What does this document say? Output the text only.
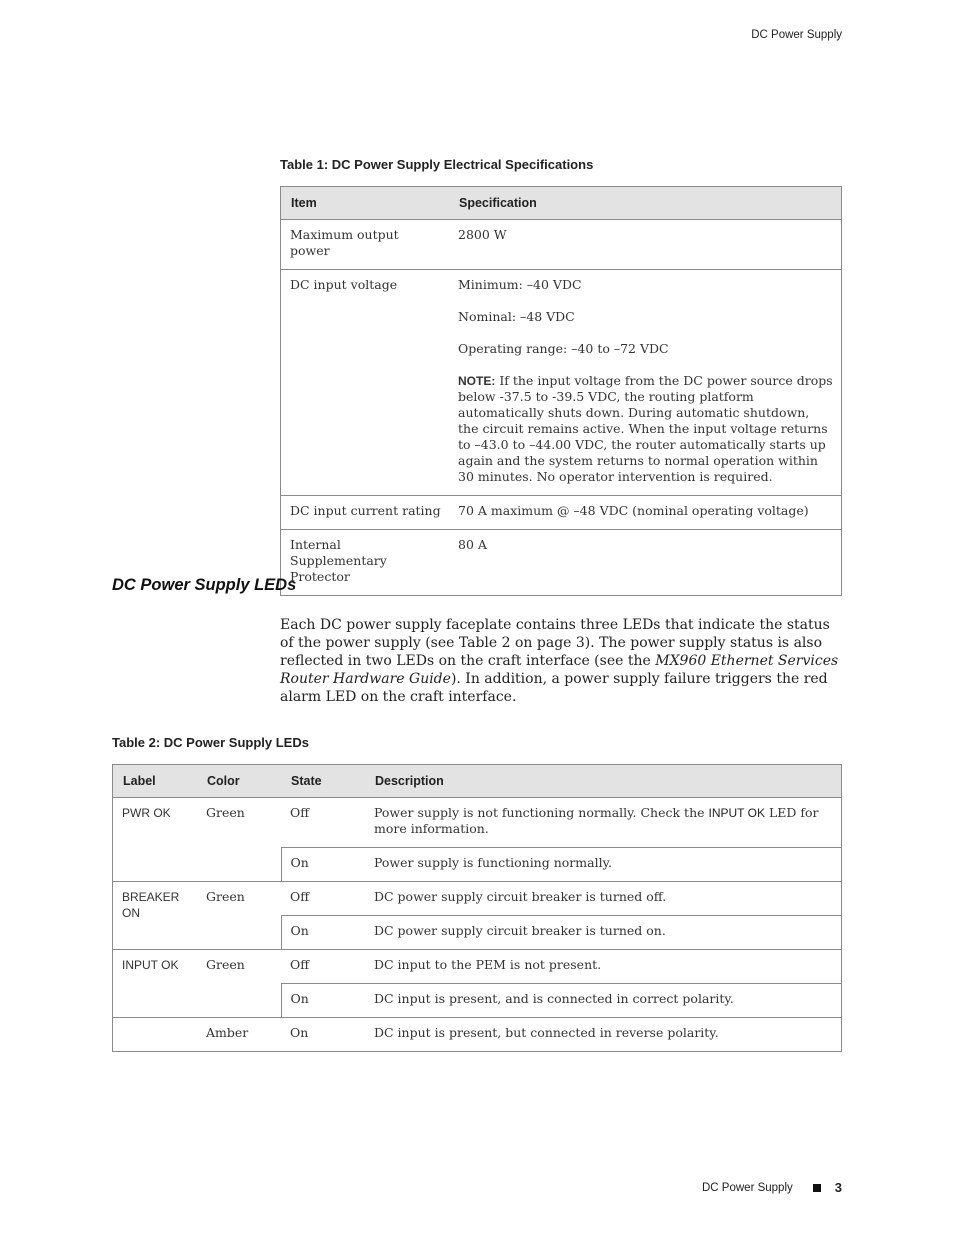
DC Power Supply
Table 1: DC Power Supply Electrical Specifications
Item	Specification
Maximum output power	2800 W
DC input voltage	Minimum: –40 VDC

Nominal: –48 VDC

Operating range: –40 to –72 VDC

NOTE: If the input voltage from the DC power source drops below -37.5 to -39.5 VDC, the routing platform automatically shuts down. During automatic shutdown, the circuit remains active. When the input voltage returns to –43.0 to –44.00 VDC, the router automatically starts up again and the system returns to normal operation within 30 minutes. No operator intervention is required.

DC input current rating	70 A maximum @ –48 VDC (nominal operating voltage)
Internal Supplementary Protector	80 A
DC Power Supply LEDs

Each DC power supply faceplate contains three LEDs that indicate the status of the power supply (see Table 2 on page 3). The power supply status is also reflected in two LEDs on the craft interface (see the MX960 Ethernet Services Router Hardware Guide). In addition, a power supply failure triggers the red alarm LED on the craft interface.

Table 2: DC Power Supply LEDs
Label	Color	State	Description
PWR OK	Green	Off	Power supply is not functioning normally. Check the INPUT OK LED for more information.
		On	Power supply is functioning normally.
BREAKER ON	Green	Off	DC power supply circuit breaker is turned off.
		On	DC power supply circuit breaker is turned on.
INPUT OK	Green	Off	DC input to the PEM is not present.
		On	DC input is present, and is connected in correct polarity.
	Amber	On	DC input is present, but connected in reverse polarity.
DC Power Supply	3
